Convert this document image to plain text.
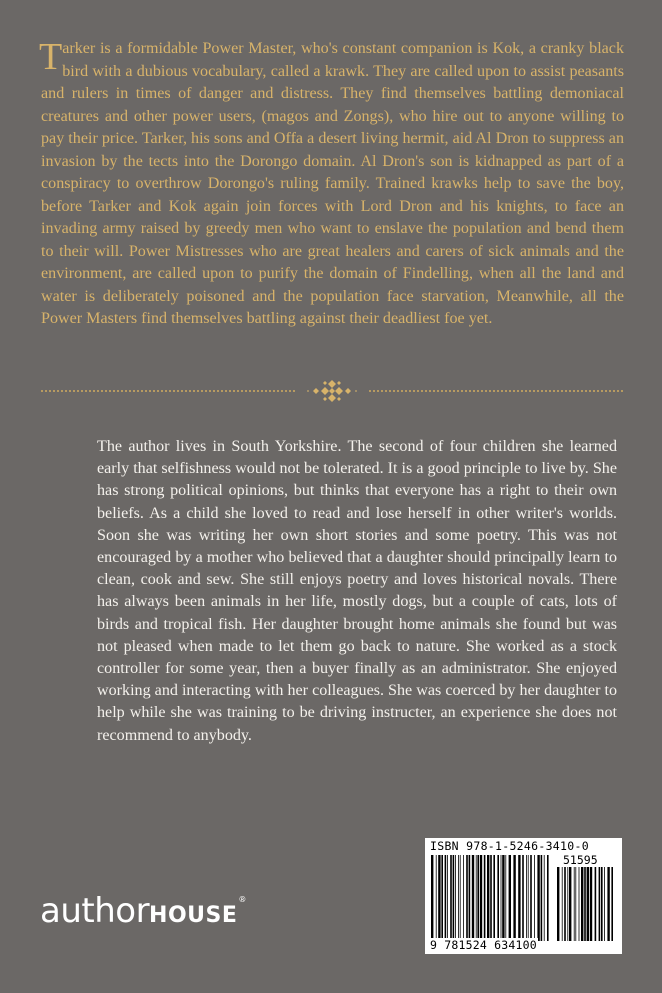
Tarker is a formidable Power Master, who's constant companion is Kok, a cranky black bird with a dubious vocabulary, called a krawk. They are called upon to assist peasants and rulers in times of danger and distress. They find themselves battling demoniacal creatures and other power users, (magos and Zongs), who hire out to anyone willing to pay their price. Tarker, his sons and Offa a desert living hermit, aid Al Dron to suppress an invasion by the tects into the Dorongo domain. Al Dron's son is kidnapped as part of a conspiracy to overthrow Dorongo's ruling family. Trained krawks help to save the boy, before Tarker and Kok again join forces with Lord Dron and his knights, to face an invading army raised by greedy men who want to enslave the population and bend them to their will. Power Mistresses who are great healers and carers of sick animals and the environment, are called upon to purify the domain of Findelling, when all the land and water is deliberately poisoned and the population face starvation, Meanwhile, all the Power Masters find themselves battling against their deadliest foe yet.

The author lives in South Yorkshire. The second of four children she learned early that selfishness would not be tolerated. It is a good principle to live by. She has strong political opinions, but thinks that everyone has a right to their own beliefs. As a child she loved to read and lose herself in other writer's worlds. Soon she was writing her own short stories and some poetry. This was not encouraged by a mother who believed that a daughter should principally learn to clean, cook and sew. She still enjoys poetry and loves historical novals. There has always been animals in her life, mostly dogs, but a couple of cats, lots of birds and tropical fish. Her daughter brought home animals she found but was not pleased when made to let them go back to nature. She worked as a stock controller for some year, then a buyer finally as an administrator. She enjoyed working and interacting with her colleagues. She was coerced by her daughter to help while she was training to be driving instructer, an experience she does not recommend to anybody.

ISBN 978-1-5246-3410-0
51595
9 781524 634100
authorHOUSE®
